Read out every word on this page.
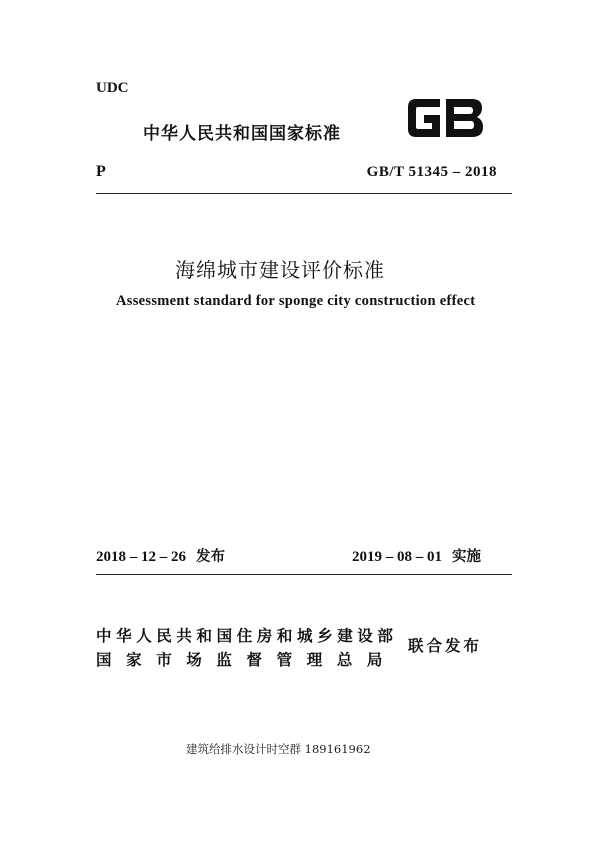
UDC
中华人民共和国国家标准
P	GB/T 51345 – 2018
海绵城市建设评价标准
Assessment standard for sponge city construction effect
2018 – 12 – 26 发布	2019 – 08 – 01 实施
中华人民共和国住房和城乡建设部
国家市场监督管理总局
联合发布
建筑给排水设计时空群 189161962
